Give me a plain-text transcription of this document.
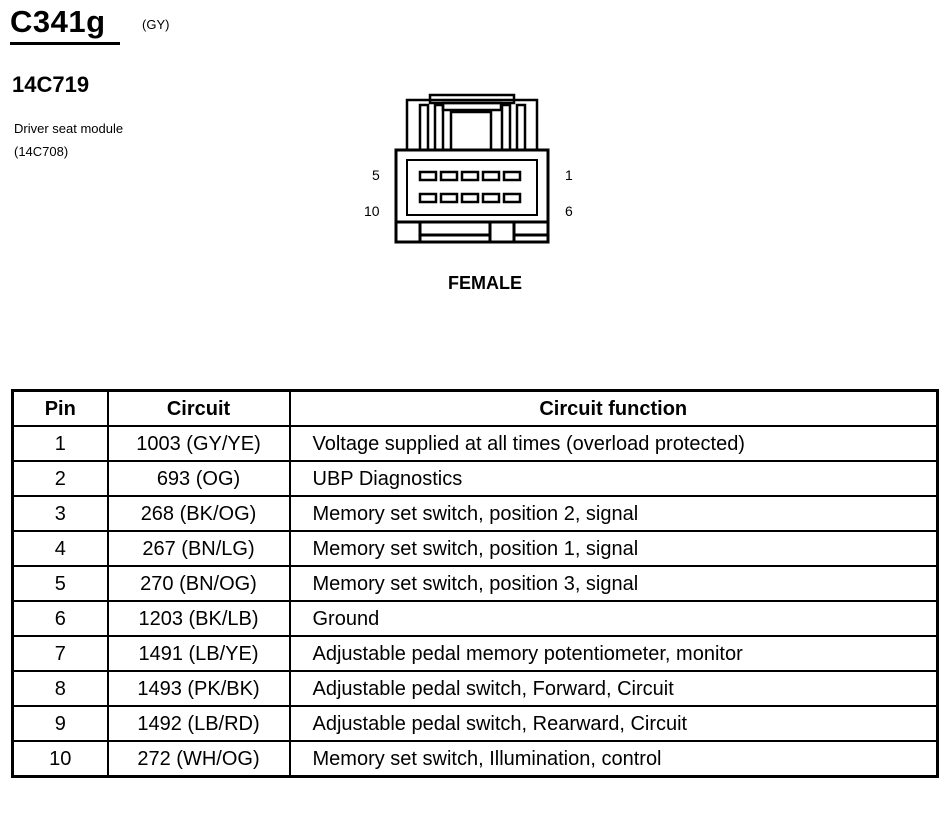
C341g	(GY)
14C719
Driver seat module
(14C708)
5	1
10	6
FEMALE
Pin	Circuit	Circuit function
1	1003 (GY/YE)	Voltage supplied at all times (overload protected)
2	693 (OG)	UBP Diagnostics
3	268 (BK/OG)	Memory set switch, position 2, signal
4	267 (BN/LG)	Memory set switch, position 1, signal
5	270 (BN/OG)	Memory set switch, position 3, signal
6	1203 (BK/LB)	Ground
7	1491 (LB/YE)	Adjustable pedal memory potentiometer, monitor
8	1493 (PK/BK)	Adjustable pedal switch, Forward, Circuit
9	1492 (LB/RD)	Adjustable pedal switch, Rearward, Circuit
10	272 (WH/OG)	Memory set switch, Illumination, control
